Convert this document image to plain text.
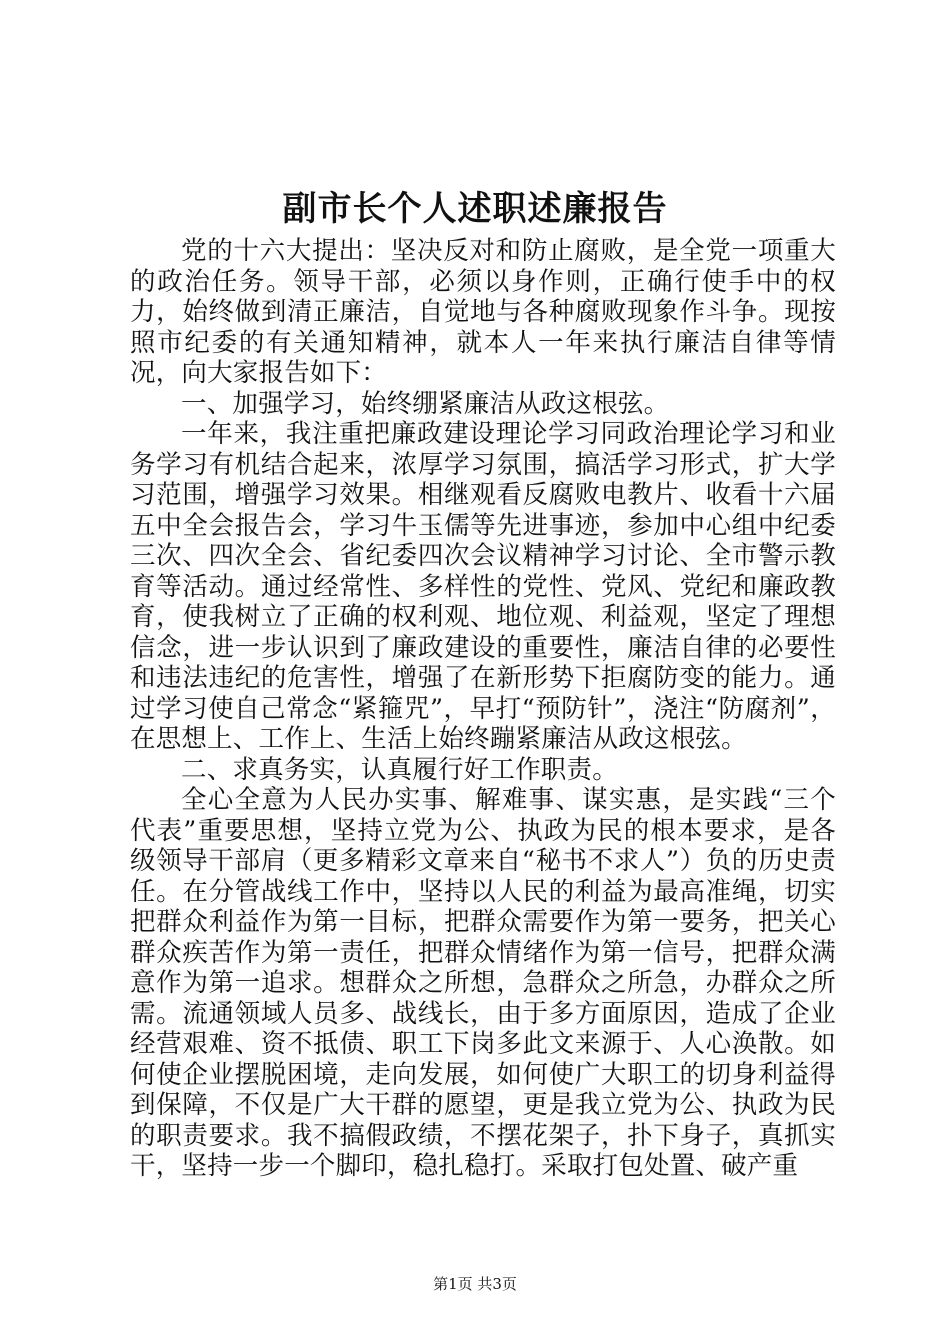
副市长个人述职述廉报告

党的十六大提出：坚决反对和防止腐败，是全党一项重大的政治任务。领导干部，必须以身作则，正确行使手中的权力，始终做到清正廉洁，自觉地与各种腐败现象作斗争。现按照市纪委的有关通知精神，就本人一年来执行廉洁自律等情况，向大家报告如下：

一、加强学习，始终绷紧廉洁从政这根弦。

一年来，我注重把廉政建设理论学习同政治理论学习和业务学习有机结合起来，浓厚学习氛围，搞活学习形式，扩大学习范围，增强学习效果。相继观看反腐败电教片、收看十六届五中全会报告会，学习牛玉儒等先进事迹，参加中心组中纪委三次、四次全会、省纪委四次会议精神学习讨论、全市警示教育等活动。通过经常性、多样性的党性、党风、党纪和廉政教育，使我树立了正确的权利观、地位观、利益观，坚定了理想信念，进一步认识到了廉政建设的重要性，廉洁自律的必要性和违法违纪的危害性，增强了在新形势下拒腐防变的能力。通过学习使自己常念“紧箍咒”，早打“预防针”，浇注“防腐剂”，在思想上、工作上、生活上始终蹦紧廉洁从政这根弦。

二、求真务实，认真履行好工作职责。

全心全意为人民办实事、解难事、谋实惠，是实践“三个代表”重要思想，坚持立党为公、执政为民的根本要求，是各级领导干部肩（更多精彩文章来自“秘书不求人”）负的历史责任。在分管战线工作中，坚持以人民的利益为最高准绳，切实把群众利益作为第一目标，把群众需要作为第一要务，把关心群众疾苦作为第一责任，把群众情绪作为第一信号，把群众满意作为第一追求。想群众之所想，急群众之所急，办群众之所需。流通领域人员多、战线长，由于多方面原因，造成了企业经营艰难、资不抵债、职工下岗多此文来源于、人心涣散。如何使企业摆脱困境，走向发展，如何使广大职工的切身利益得到保障，不仅是广大干群的愿望，更是我立党为公、执政为民的职责要求。我不搞假政绩，不摆花架子，扑下身子，真抓实干，坚持一步一个脚印，稳扎稳打。采取打包处置、破产重

第1页 共3页
